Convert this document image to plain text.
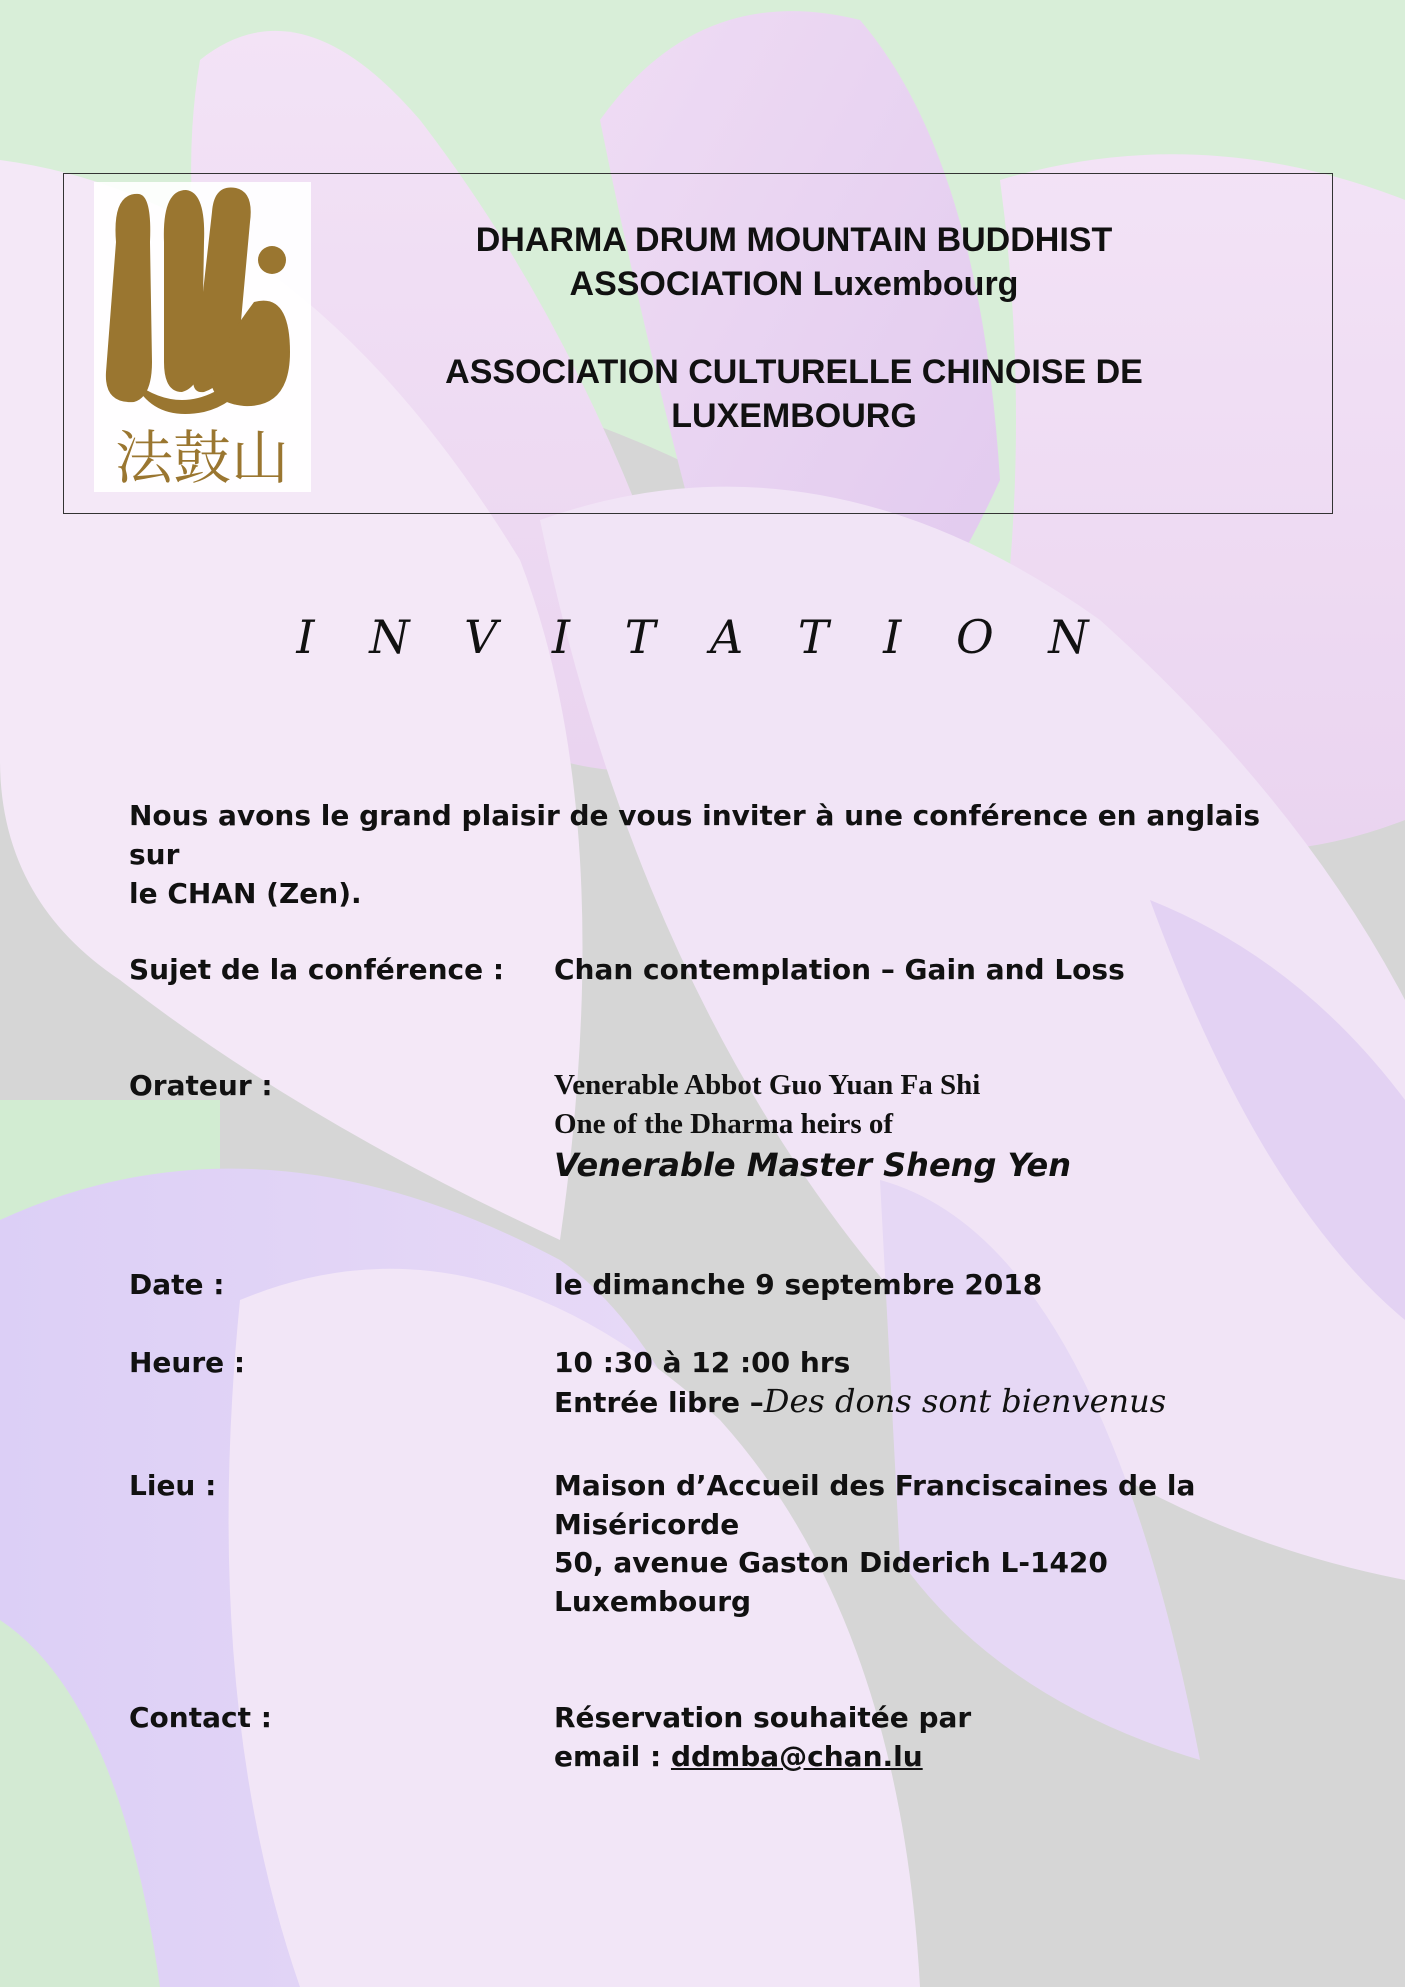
法鼓山
DHARMA DRUM MOUNTAIN BUDDHIST
ASSOCIATION Luxembourg
ASSOCIATION CULTURELLE CHINOISE DE
LUXEMBOURG
I N V I T A T I O N
Nous avons le grand plaisir de vous inviter à une conférence en anglais sur
le CHAN (Zen).
Sujet de la conférence : Chan contemplation – Gain and Loss
Orateur :	Venerable Abbot Guo Yuan Fa Shi
One of the Dharma heirs of
Venerable Master Sheng Yen
Date :	le dimanche 9 septembre 2018
Heure :	10 :30 à 12 :00 hrs
Entrée libre –Des dons sont bienvenus
Lieu :	Maison d’Accueil des Franciscaines de la
Miséricorde
50, avenue Gaston Diderich L-1420
Luxembourg
Contact :	Réservation souhaitée par
email : ddmba@chan.lu
